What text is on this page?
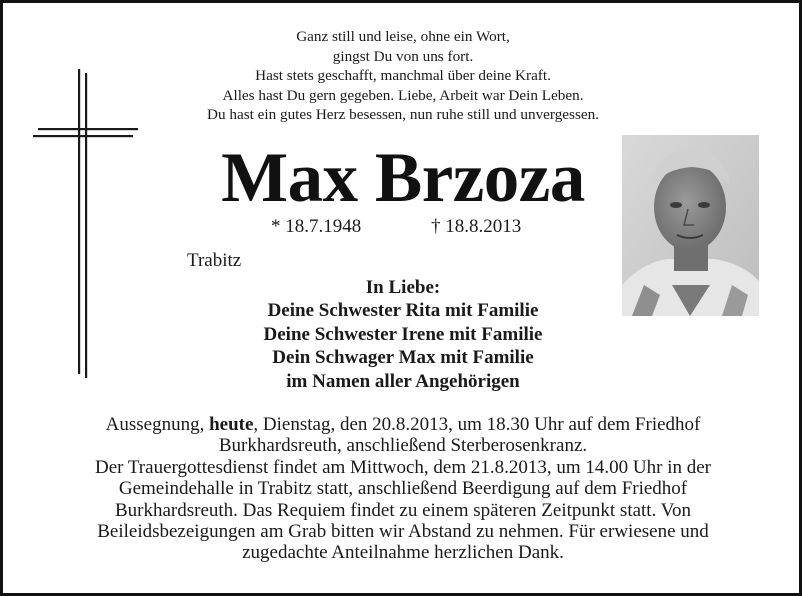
Ganz still und leise, ohne ein Wort,
gingst Du von uns fort.
Hast stets geschafft, manchmal über deine Kraft.
Alles hast Du gern gegeben. Liebe, Arbeit war Dein Leben.
Du hast ein gutes Herz besessen, nun ruhe still und unvergessen.
Max Brzoza
* 18.7.1948	† 18.8.2013
Trabitz
In Liebe:
Deine Schwester Rita mit Familie
Deine Schwester Irene mit Familie
Dein Schwager Max mit Familie
im Namen aller Angehörigen
Aussegnung, heute, Dienstag, den 20.8.2013, um 18.30 Uhr auf dem Friedhof
Burkhardsreuth, anschließend Sterberosenkranz.
Der Trauergottesdienst findet am Mittwoch, dem 21.8.2013, um 14.00 Uhr in der
Gemeindehalle in Trabitz statt, anschließend Beerdigung auf dem Friedhof
Burkhardsreuth. Das Requiem findet zu einem späteren Zeitpunkt statt. Von
Beileidsbezeigungen am Grab bitten wir Abstand zu nehmen. Für erwiesene und
zugedachte Anteilnahme herzlichen Dank.
